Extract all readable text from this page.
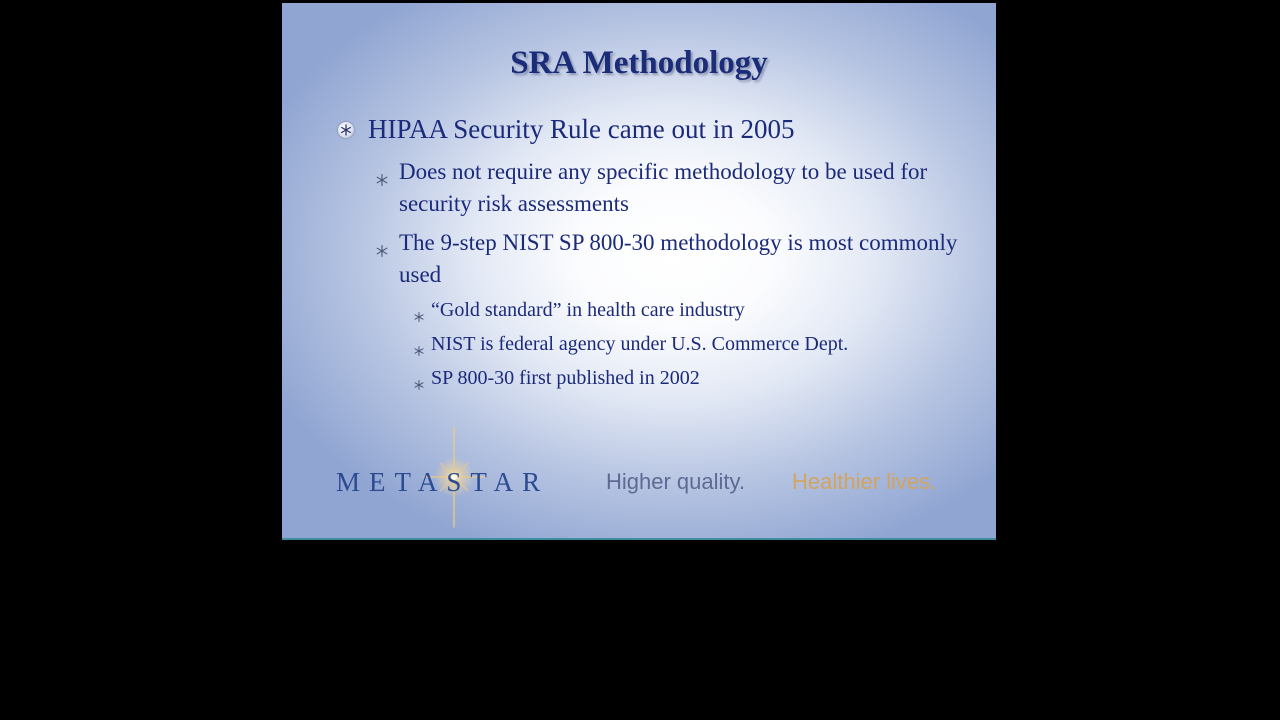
SRA Methodology
HIPAA Security Rule came out in 2005
Does not require any specific methodology to be used for security risk assessments
The 9-step NIST SP 800-30 methodology is most commonly used
“Gold standard” in health care industry
NIST is federal agency under U.S. Commerce Dept.
SP 800-30 first published in 2002
METASTAR	Higher quality. Healthier lives.
